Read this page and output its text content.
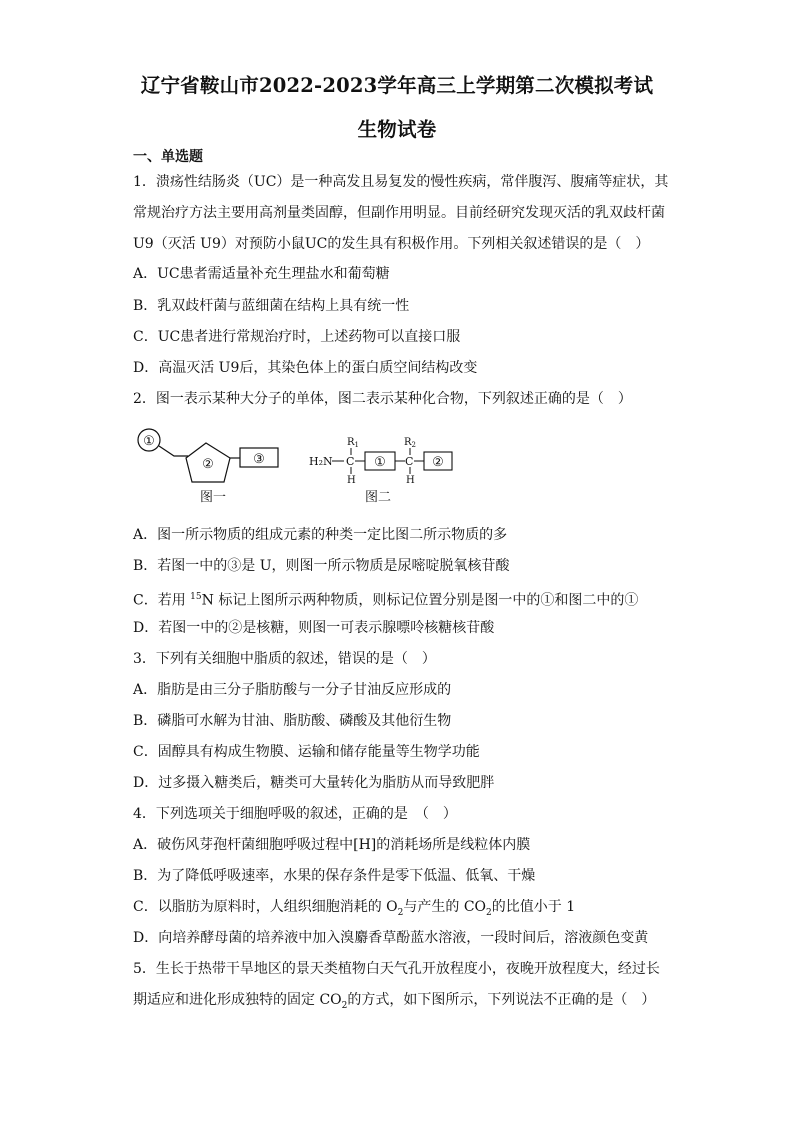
辽宁省鞍山市2022-2023学年高三上学期第二次模拟考试
生物试卷
一、单选题
1．溃疡性结肠炎（UC）是一种高发且易复发的慢性疾病，常伴腹泻、腹痛等症状，其
常规治疗方法主要用高剂量类固醇，但副作用明显。目前经研究发现灭活的乳双歧杆菌
U9（灭活 U9）对预防小鼠UC的发生具有积极作用。下列相关叙述错误的是（　）
A．UC患者需适量补充生理盐水和葡萄糖
B．乳双歧杆菌与蓝细菌在结构上具有统一性
C．UC患者进行常规治疗时，上述药物可以直接口服
D．高温灭活 U9后，其染色体上的蛋白质空间结构改变
2．图一表示某种大分子的单体，图二表示某种化合物，下列叙述正确的是（　）
①
②	③
图一
$R_1$
H₂N C
H
①
$R_2$
C
H
②
图二
A．图一所示物质的组成元素的种类一定比图二所示物质的多
B．若图一中的③是 U，则图一所示物质是尿嘧啶脱氧核苷酸
C．若用 $^{15}$N 标记上图所示两种物质，则标记位置分别是图一中的①和图二中的①
D．若图一中的②是核糖，则图一可表示腺嘌呤核糖核苷酸
3．下列有关细胞中脂质的叙述，错误的是（　）
A．脂肪是由三分子脂肪酸与一分子甘油反应形成的
B．磷脂可水解为甘油、脂肪酸、磷酸及其他衍生物
C．固醇具有构成生物膜、运输和储存能量等生物学功能
D．过多摄入糖类后，糖类可大量转化为脂肪从而导致肥胖
4．下列选项关于细胞呼吸的叙述，正确的是　（　）
A．破伤风芽孢杆菌细胞呼吸过程中[H]的消耗场所是线粒体内膜
B．为了降低呼吸速率，水果的保存条件是零下低温、低氧、干燥
C．以脂肪为原料时，人组织细胞消耗的 $O_2$与产生的 $CO_2$的比值小于 1
D．向培养酵母菌的培养液中加入溴麝香草酚蓝水溶液，一段时间后，溶液颜色变黄
5．生长于热带干旱地区的景天类植物白天气孔开放程度小，夜晚开放程度大，经过长
期适应和进化形成独特的固定 $CO_2$的方式，如下图所示，下列说法不正确的是（　）
